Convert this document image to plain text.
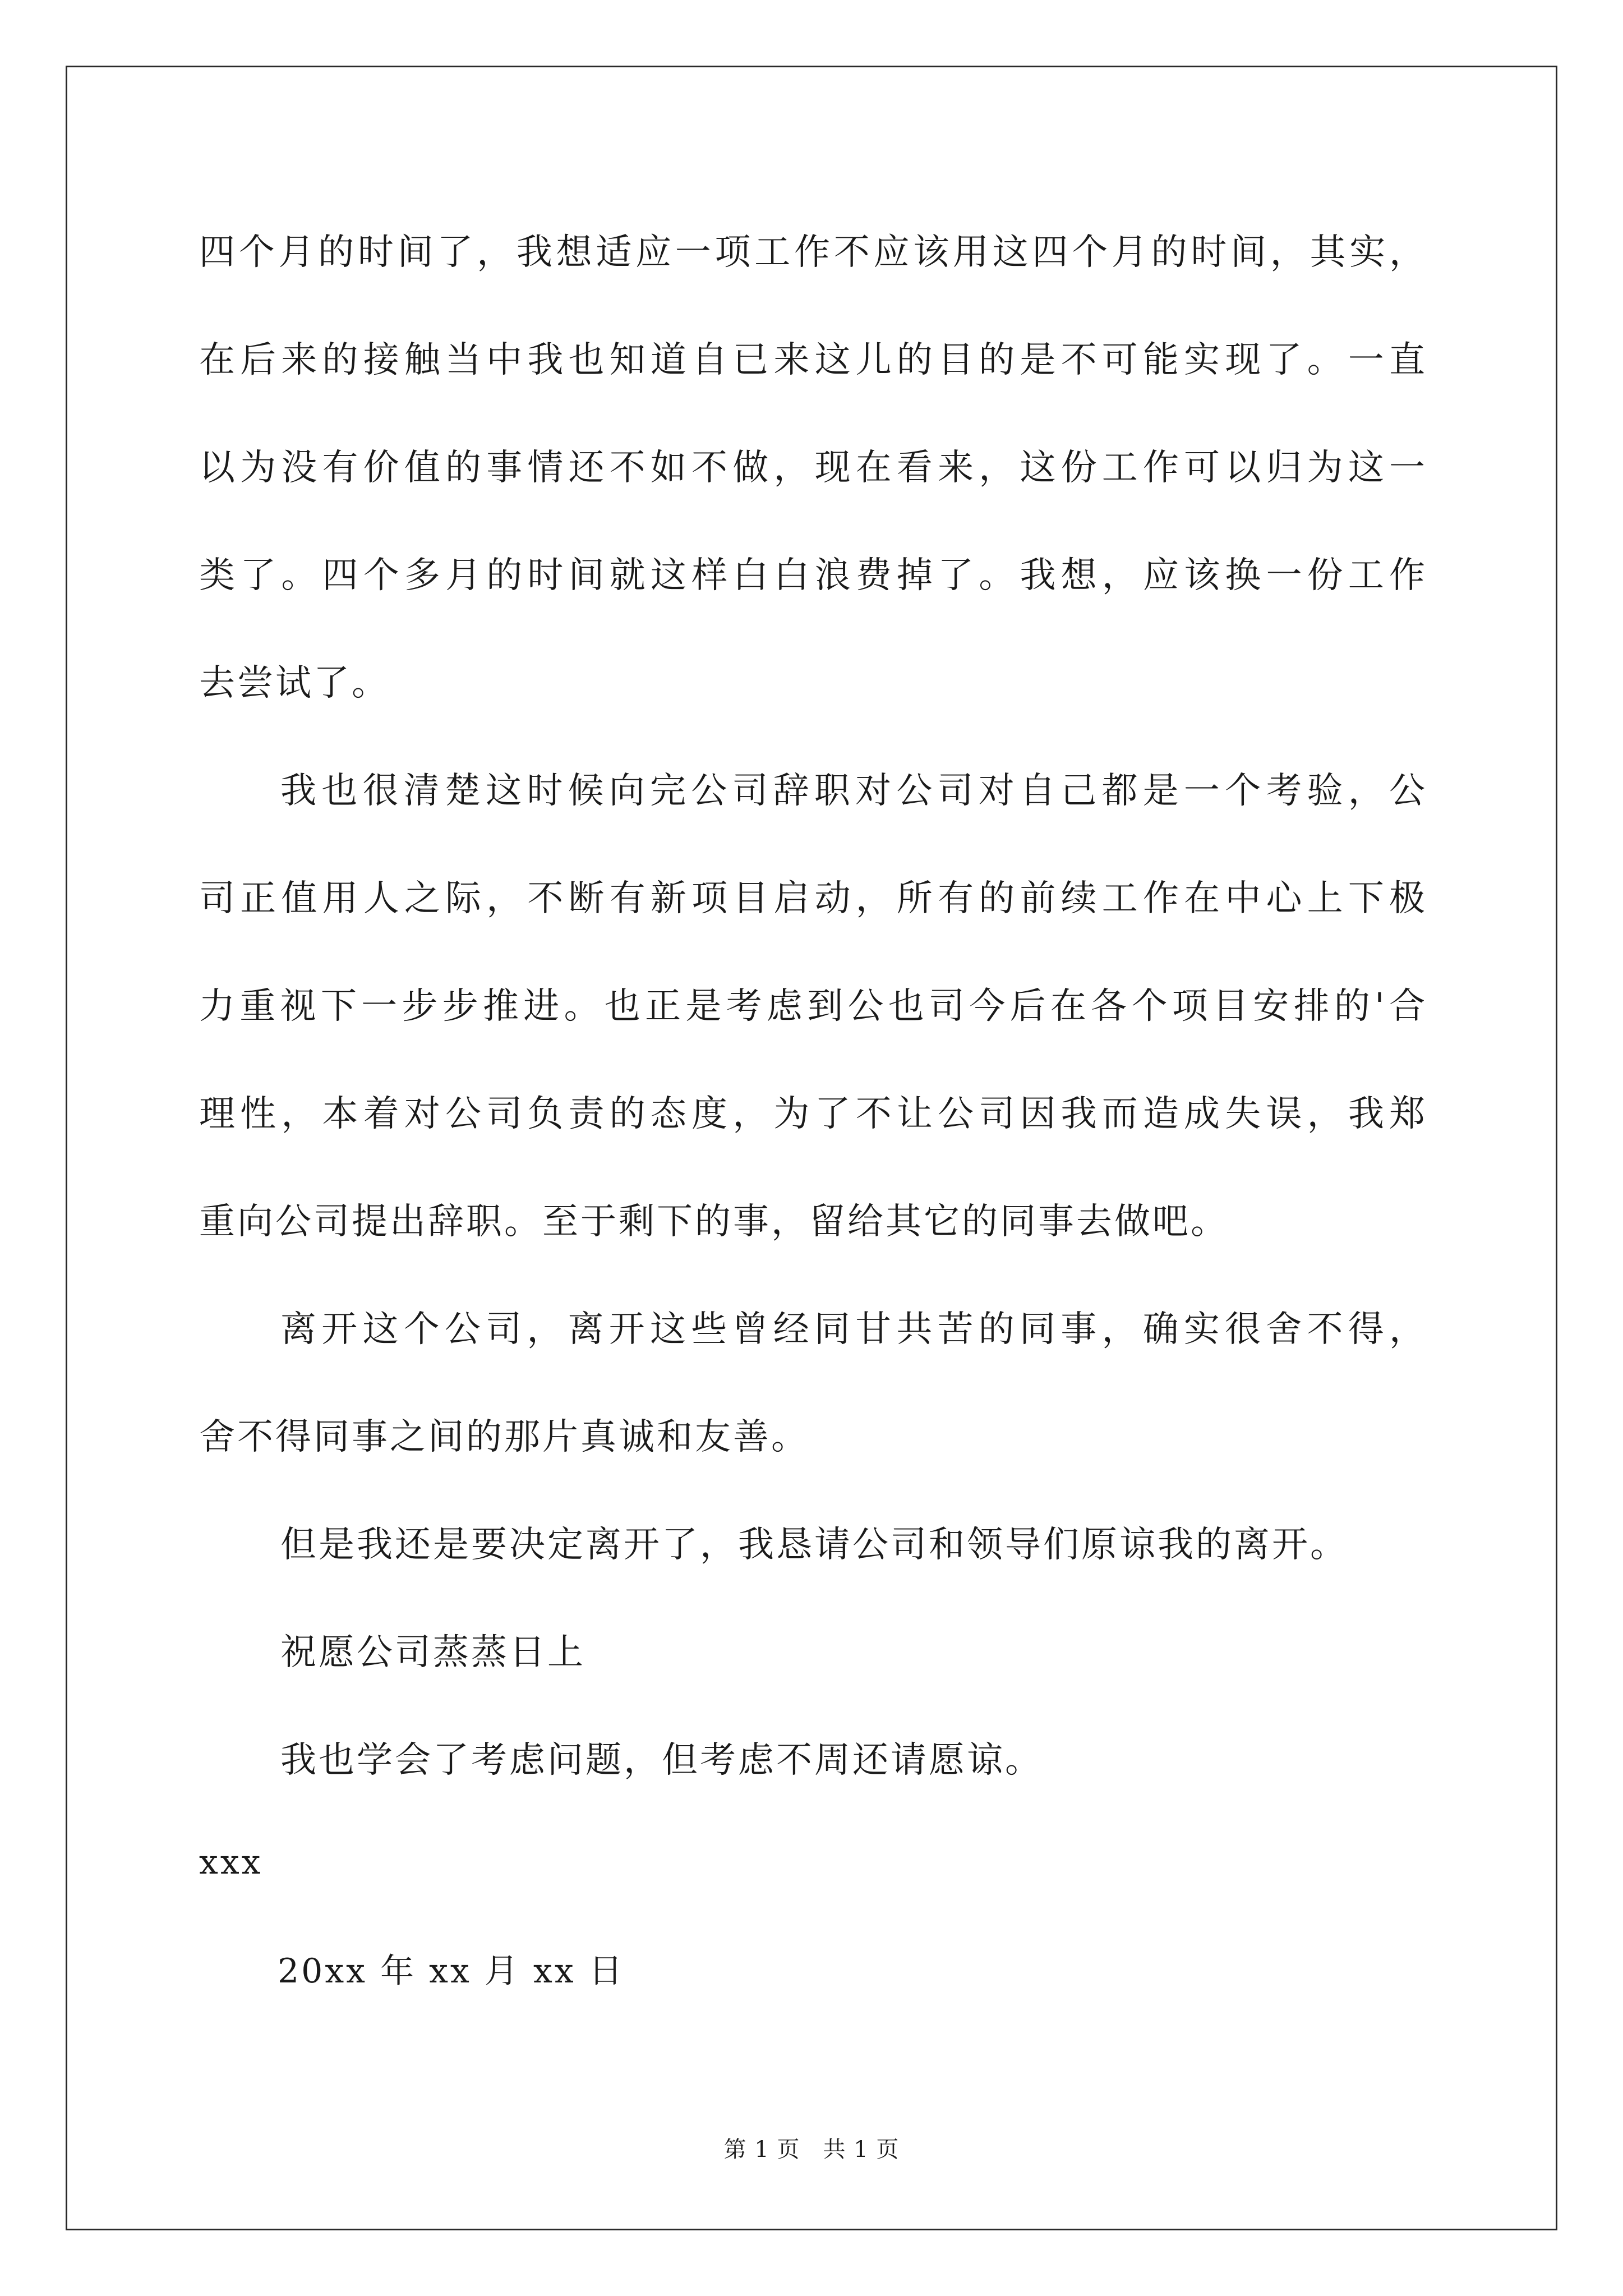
四个月的时间了，我想适应一项工作不应该用这四个月的时间，其实，
在后来的接触当中我也知道自已来这儿的目的是不可能实现了。一直
以为没有价值的事情还不如不做，现在看来，这份工作可以归为这一
类了。四个多月的时间就这样白白浪费掉了。我想，应该换一份工作
去尝试了。
我也很清楚这时候向完公司辞职对公司对自己都是一个考验，公
司正值用人之际，不断有新项目启动，所有的前续工作在中心上下极
力重视下一步步推进。也正是考虑到公也司今后在各个项目安排的'合
理性，本着对公司负责的态度，为了不让公司因我而造成失误，我郑
重向公司提出辞职。至于剩下的事，留给其它的同事去做吧。
离开这个公司，离开这些曾经同甘共苦的同事，确实很舍不得，
舍不得同事之间的那片真诚和友善。
但是我还是要决定离开了，我恳请公司和领导们原谅我的离开。
祝愿公司蒸蒸日上
我也学会了考虑问题，但考虑不周还请愿谅。
xxx
20xx 年 xx 月 xx 日
第 1 页　共 1 页
